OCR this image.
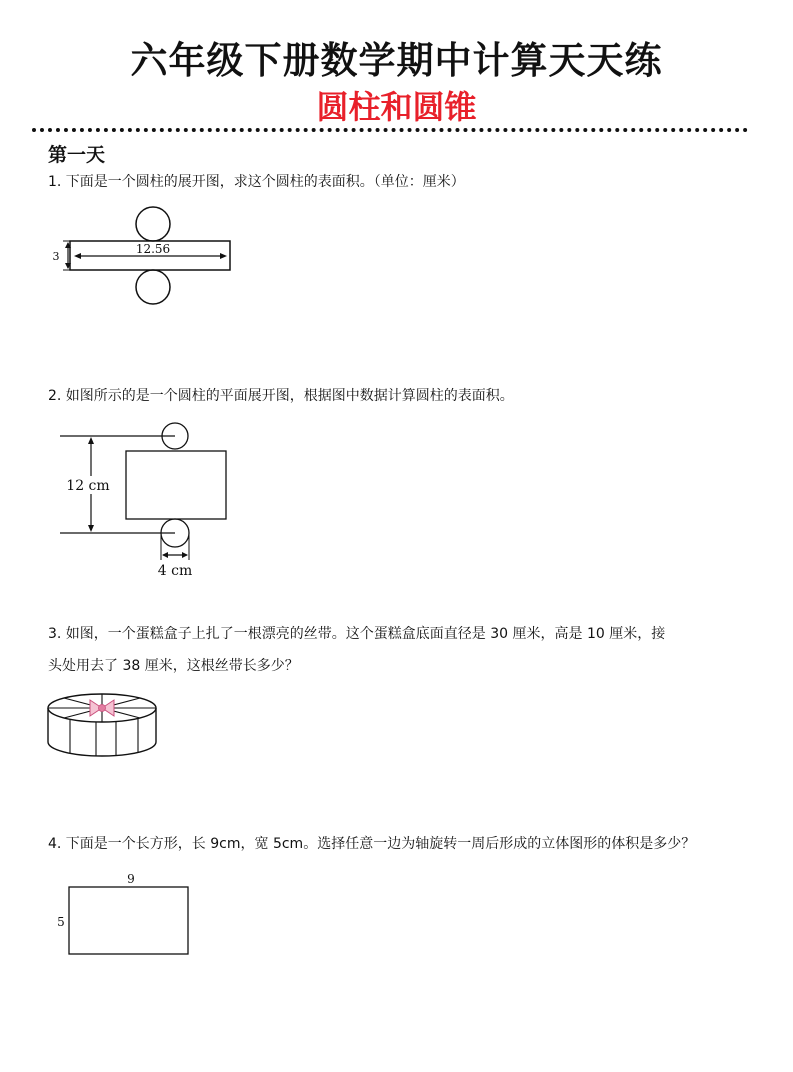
六年级下册数学期中计算天天练
圆柱和圆锥
第一天
1. 下面是一个圆柱的展开图，求这个圆柱的表面积。（单位：厘米）
12.56
3
2. 如图所示的是一个圆柱的平面展开图，根据图中数据计算圆柱的表面积。
12 cm
4 cm
3. 如图，一个蛋糕盒子上扎了一根漂亮的丝带。这个蛋糕盒底面直径是 30 厘米，高是 10 厘米，接
头处用去了 38 厘米，这根丝带长多少？
4. 下面是一个长方形，长 9cm，宽 5cm。选择任意一边为轴旋转一周后形成的立体图形的体积是多少？
9
5
